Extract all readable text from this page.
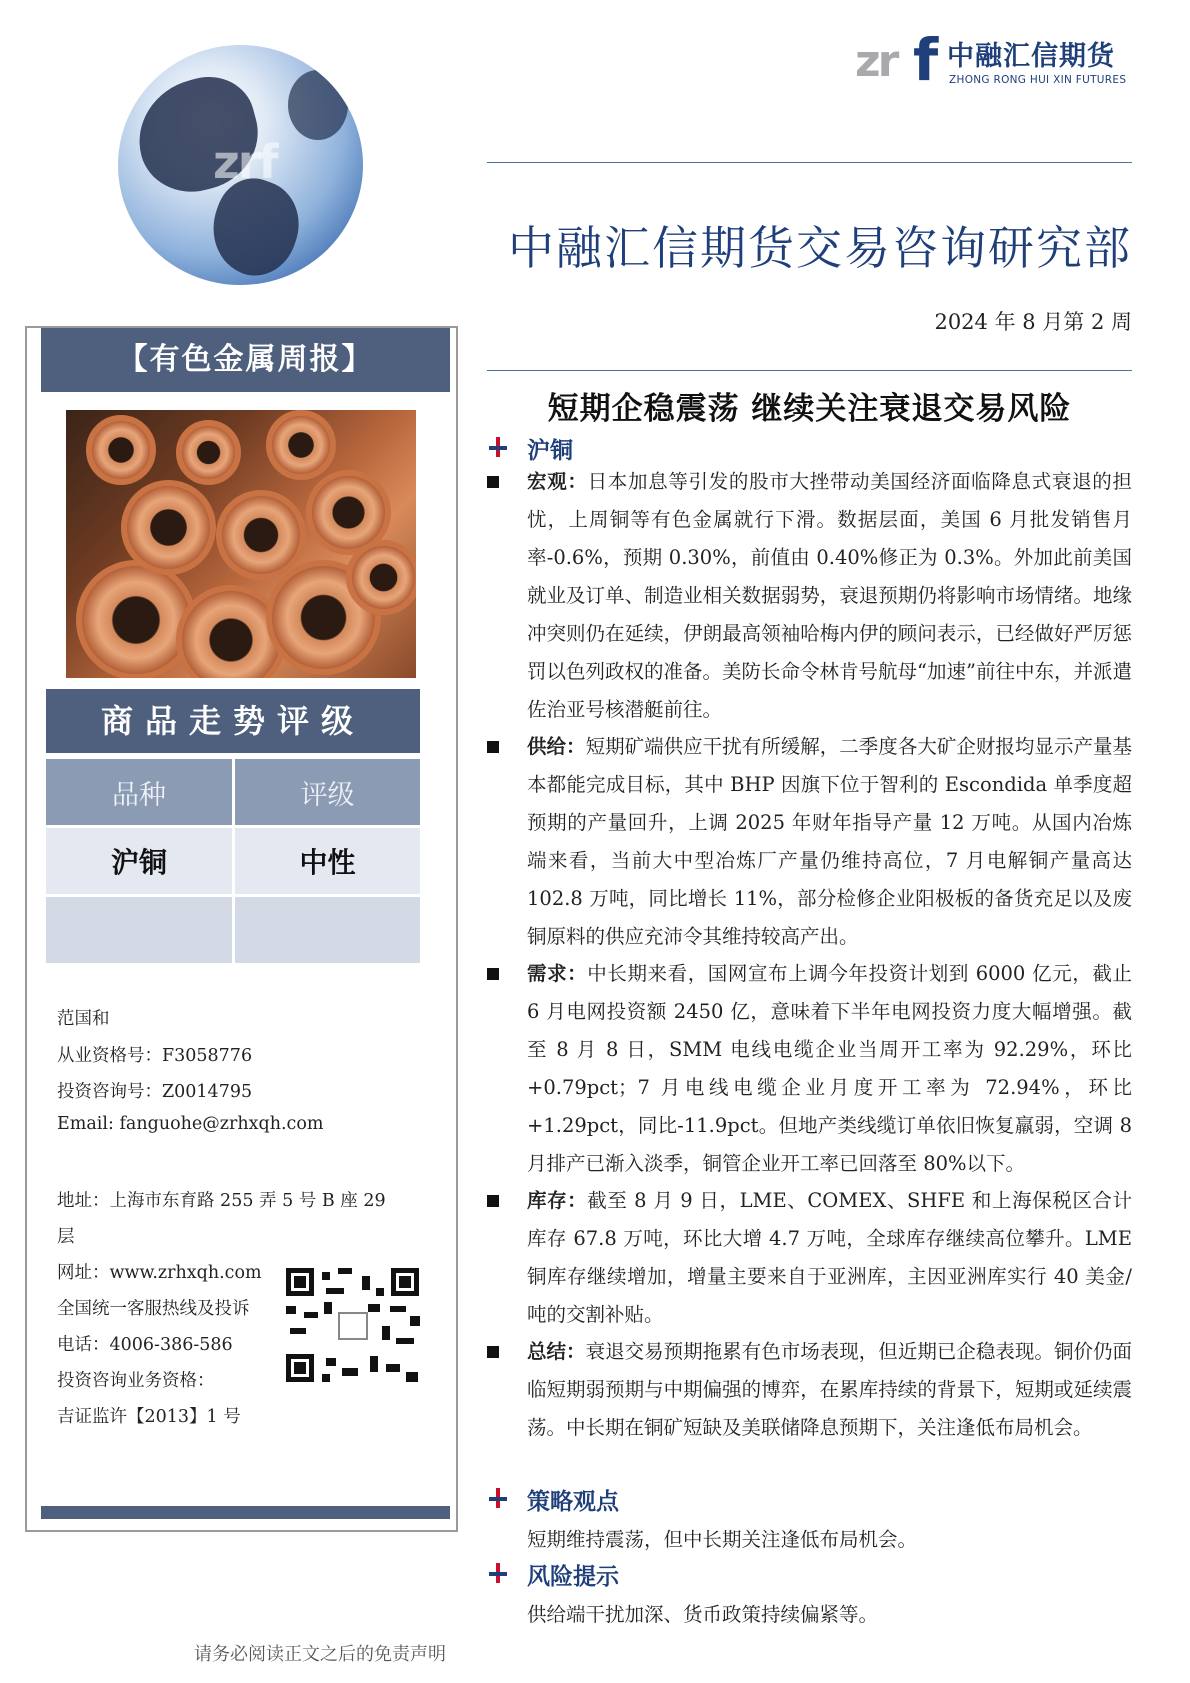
zrf
zr f 中融汇信期货
ZHONG RONG HUI XIN FUTURES
中融汇信期货交易咨询研究部
2024 年 8 月第 2 周
【有色金属周报】
商品走势评级
品种	评级
沪铜	中性
范国和
从业资格号：F3058776
投资咨询号：Z0014795
Email: fanguohe@zrhxqh.com
地址：上海市东育路 255 弄 5 号 B 座 29
层
网址：www.zrhxqh.com
全国统一客服热线及投诉
电话：4006-386-586
投资咨询业务资格：
吉证监许【2013】1 号
短期企稳震荡 继续关注衰退交易风险
沪铜
宏观：日本加息等引发的股市大挫带动美国经济面临降息式衰退的担忧，上周铜等有色金属就行下滑。数据层面，美国 6 月批发销售月率-0.6%，预期 0.30%，前值由 0.40%修正为 0.3%。外加此前美国就业及订单、制造业相关数据弱势，衰退预期仍将影响市场情绪。地缘冲突则仍在延续，伊朗最高领袖哈梅内伊的顾问表示，已经做好严厉惩罚以色列政权的准备。美防长命令林肯号航母“加速”前往中东，并派遣佐治亚号核潜艇前往。
供给：短期矿端供应干扰有所缓解，二季度各大矿企财报均显示产量基本都能完成目标，其中 BHP 因旗下位于智利的 Escondida 单季度超预期的产量回升，上调 2025 年财年指导产量 12 万吨。从国内冶炼端来看，当前大中型冶炼厂产量仍维持高位，7 月电解铜产量高达 102.8 万吨，同比增长 11%，部分检修企业阳极板的备货充足以及废铜原料的供应充沛令其维持较高产出。
需求：中长期来看，国网宣布上调今年投资计划到 6000 亿元，截止 6 月电网投资额 2450 亿，意味着下半年电网投资力度大幅增强。截至 8 月 8 日，SMM 电线电缆企业当周开工率为 92.29%，环比+0.79pct；7 月电线电缆企业月度开工率为 72.94%，环比+1.29pct，同比-11.9pct。但地产类线缆订单依旧恢复羸弱，空调 8 月排产已渐入淡季，铜管企业开工率已回落至 80%以下。
库存：截至 8 月 9 日，LME、COMEX、SHFE 和上海保税区合计库存 67.8 万吨，环比大增 4.7 万吨，全球库存继续高位攀升。LME 铜库存继续增加，增量主要来自于亚洲库，主因亚洲库实行 40 美金/吨的交割补贴。
总结：衰退交易预期拖累有色市场表现，但近期已企稳表现。铜价仍面临短期弱预期与中期偏强的博弈，在累库持续的背景下，短期或延续震荡。中长期在铜矿短缺及美联储降息预期下，关注逢低布局机会。
策略观点
短期维持震荡，但中长期关注逢低布局机会。
风险提示
供给端干扰加深、货币政策持续偏紧等。
请务必阅读正文之后的免责声明
